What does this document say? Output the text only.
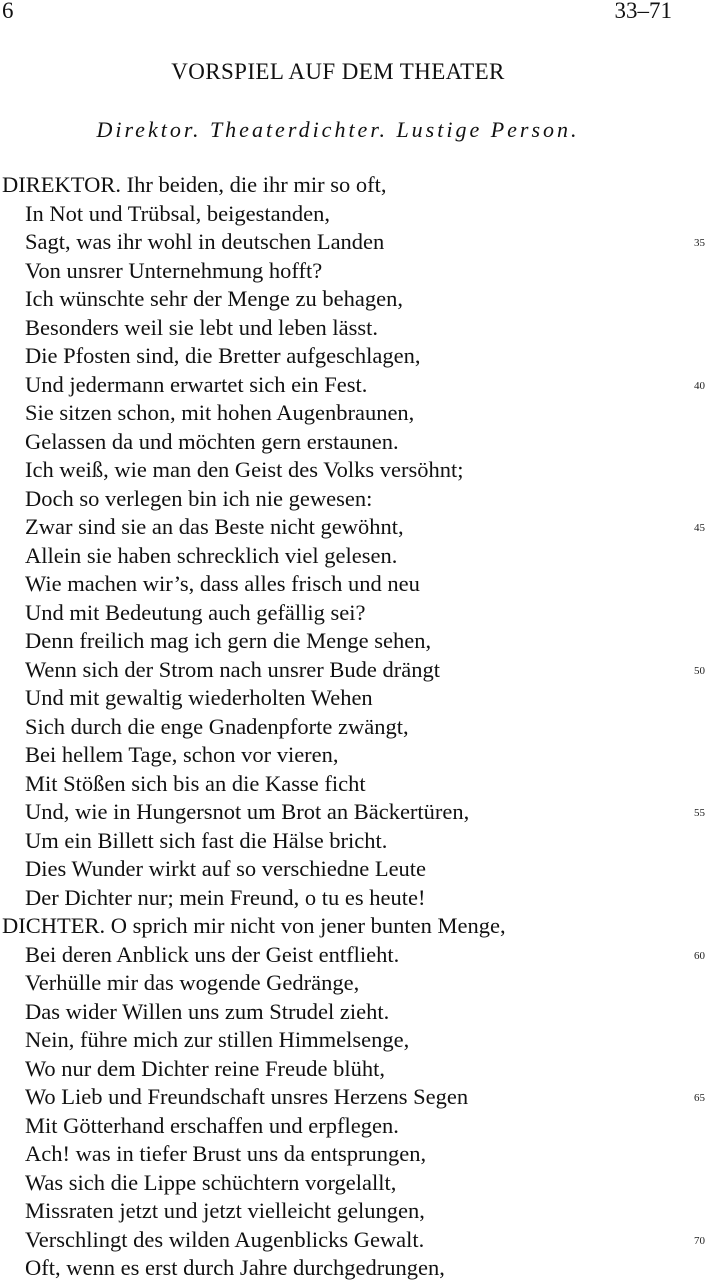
6	33–71
VORSPIEL AUF DEM THEATER
Direktor. Theaterdichter. Lustige Person.
DIREKTOR. Ihr beiden, die ihr mir so oft,
In Not und Trübsal, beigestanden,
Sagt, was ihr wohl in deutschen Landen	35
Von unsrer Unternehmung hofft?
Ich wünschte sehr der Menge zu behagen,
Besonders weil sie lebt und leben lässt.
Die Pfosten sind, die Bretter aufgeschlagen,
Und jedermann erwartet sich ein Fest.	40
Sie sitzen schon, mit hohen Augenbraunen,
Gelassen da und möchten gern erstaunen.
Ich weiß, wie man den Geist des Volks versöhnt;
Doch so verlegen bin ich nie gewesen:
Zwar sind sie an das Beste nicht gewöhnt,	45
Allein sie haben schrecklich viel gelesen.
Wie machen wir’s, dass alles frisch und neu
Und mit Bedeutung auch gefällig sei?
Denn freilich mag ich gern die Menge sehen,
Wenn sich der Strom nach unsrer Bude drängt	50
Und mit gewaltig wiederholten Wehen
Sich durch die enge Gnadenpforte zwängt,
Bei hellem Tage, schon vor vieren,
Mit Stößen sich bis an die Kasse ficht
Und, wie in Hungersnot um Brot an Bäckertüren,	55
Um ein Billett sich fast die Hälse bricht.
Dies Wunder wirkt auf so verschiedne Leute
Der Dichter nur; mein Freund, o tu es heute!
DICHTER. O sprich mir nicht von jener bunten Menge,
Bei deren Anblick uns der Geist entflieht.	60
Verhülle mir das wogende Gedränge,
Das wider Willen uns zum Strudel zieht.
Nein, führe mich zur stillen Himmelsenge,
Wo nur dem Dichter reine Freude blüht,
Wo Lieb und Freundschaft unsres Herzens Segen	65
Mit Götterhand erschaffen und erpflegen.
Ach! was in tiefer Brust uns da entsprungen,
Was sich die Lippe schüchtern vorgelallt,
Missraten jetzt und jetzt vielleicht gelungen,
Verschlingt des wilden Augenblicks Gewalt.	70
Oft, wenn es erst durch Jahre durchgedrungen,
